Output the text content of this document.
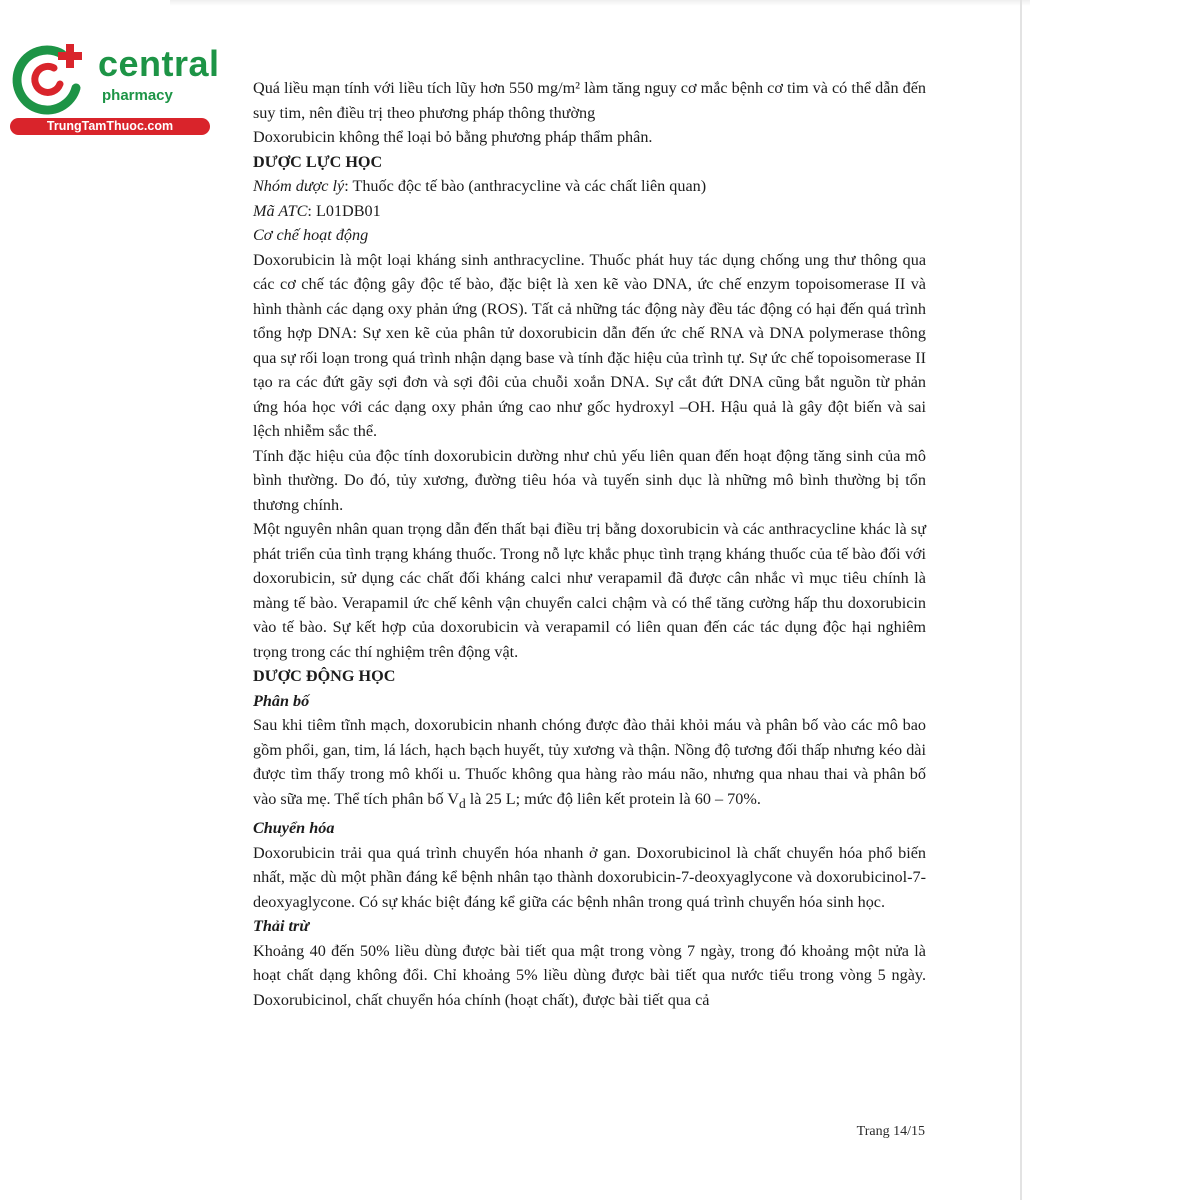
central
pharmacy
TrungTamThuoc.com

Quá liều mạn tính với liều tích lũy hơn 550 mg/m² làm tăng nguy cơ mắc bệnh cơ tim và có thể dẫn đến suy tim, nên điều trị theo phương pháp thông thường

Doxorubicin không thể loại bỏ bằng phương pháp thẩm phân.

DƯỢC LỰC HỌC

Nhóm dược lý: Thuốc độc tế bào (anthracycline và các chất liên quan)

Mã ATC: L01DB01

Cơ chế hoạt động

Doxorubicin là một loại kháng sinh anthracycline. Thuốc phát huy tác dụng chống ung thư thông qua các cơ chế tác động gây độc tế bào, đặc biệt là xen kẽ vào DNA, ức chế enzym topoisomerase II và hình thành các dạng oxy phản ứng (ROS). Tất cả những tác động này đều tác động có hại đến quá trình tổng hợp DNA: Sự xen kẽ của phân tử doxorubicin dẫn đến ức chế RNA và DNA polymerase thông qua sự rối loạn trong quá trình nhận dạng base và tính đặc hiệu của trình tự. Sự ức chế topoisomerase II tạo ra các đứt gãy sợi đơn và sợi đôi của chuỗi xoắn DNA. Sự cắt đứt DNA cũng bắt nguồn từ phản ứng hóa học với các dạng oxy phản ứng cao như gốc hydroxyl –OH. Hậu quả là gây đột biến và sai lệch nhiễm sắc thể.

Tính đặc hiệu của độc tính doxorubicin dường như chủ yếu liên quan đến hoạt động tăng sinh của mô bình thường. Do đó, tủy xương, đường tiêu hóa và tuyến sinh dục là những mô bình thường bị tổn thương chính.

Một nguyên nhân quan trọng dẫn đến thất bại điều trị bằng doxorubicin và các anthracycline khác là sự phát triển của tình trạng kháng thuốc. Trong nỗ lực khắc phục tình trạng kháng thuốc của tế bào đối với doxorubicin, sử dụng các chất đối kháng calci như verapamil đã được cân nhắc vì mục tiêu chính là màng tế bào. Verapamil ức chế kênh vận chuyển calci chậm và có thể tăng cường hấp thu doxorubicin vào tế bào. Sự kết hợp của doxorubicin và verapamil có liên quan đến các tác dụng độc hại nghiêm trọng trong các thí nghiệm trên động vật.

DƯỢC ĐỘNG HỌC

Phân bố

Sau khi tiêm tĩnh mạch, doxorubicin nhanh chóng được đào thải khỏi máu và phân bố vào các mô bao gồm phổi, gan, tim, lá lách, hạch bạch huyết, tủy xương và thận. Nồng độ tương đối thấp nhưng kéo dài được tìm thấy trong mô khối u. Thuốc không qua hàng rào máu não, nhưng qua nhau thai và phân bố vào sữa mẹ. Thể tích phân bố $V_d$ là 25 L; mức độ liên kết protein là 60 – 70%.

Chuyển hóa

Doxorubicin trải qua quá trình chuyển hóa nhanh ở gan. Doxorubicinol là chất chuyển hóa phổ biến nhất, mặc dù một phần đáng kể bệnh nhân tạo thành doxorubicin-7-deoxyaglycone và doxorubicinol-7-deoxyaglycone. Có sự khác biệt đáng kể giữa các bệnh nhân trong quá trình chuyển hóa sinh học.

Thải trừ

Khoảng 40 đến 50% liều dùng được bài tiết qua mật trong vòng 7 ngày, trong đó khoảng một nửa là hoạt chất dạng không đổi. Chỉ khoảng 5% liều dùng được bài tiết qua nước tiểu trong vòng 5 ngày. Doxorubicinol, chất chuyển hóa chính (hoạt chất), được bài tiết qua cả

Trang 14/15
